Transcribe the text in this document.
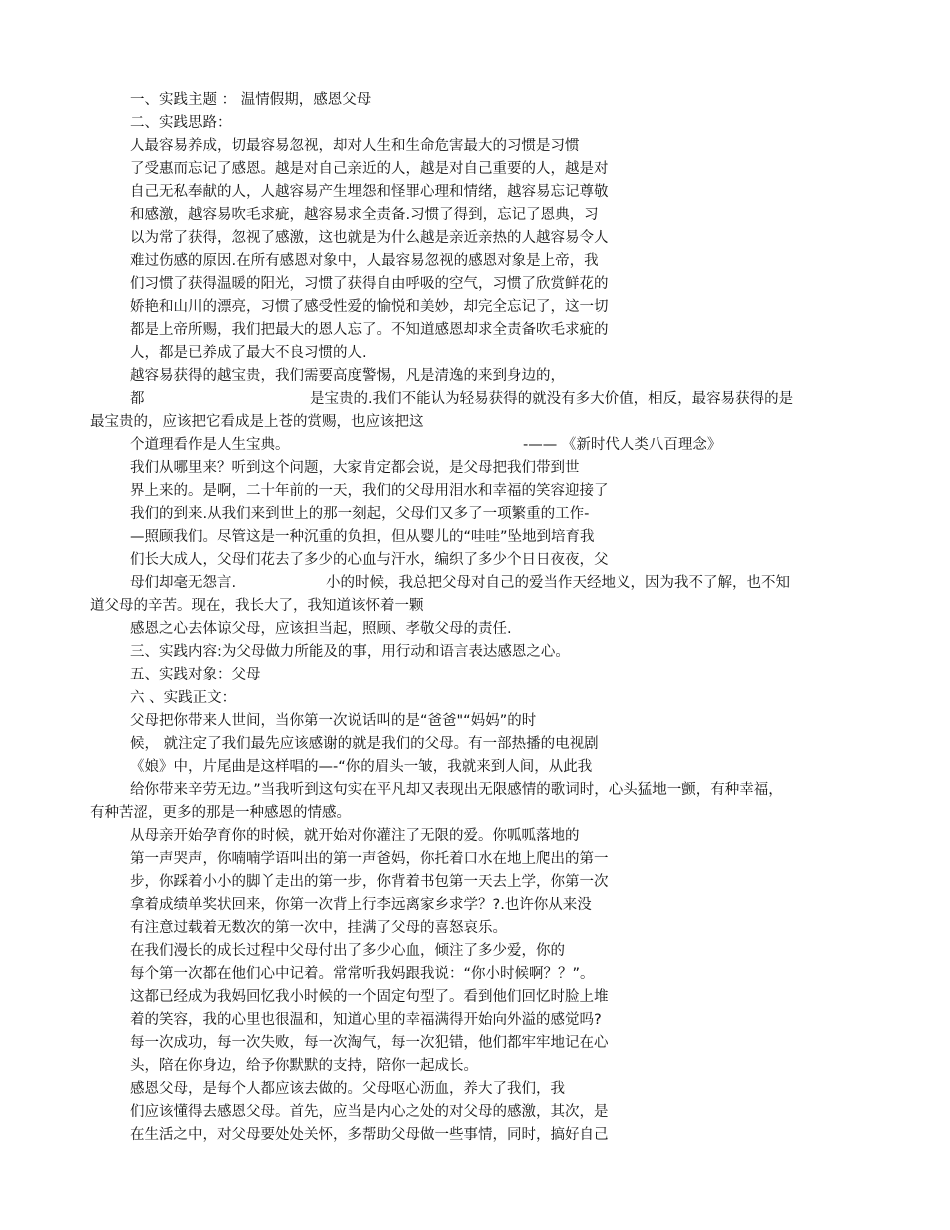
一、实践主题 ： 温情假期，感恩父母
二、实践思路：
人最容易养成，切最容易忽视，却对人生和生命危害最大的习惯是习惯
了受惠而忘记了感恩。越是对自己亲近的人，越是对自己重要的人，越是对
自己无私奉献的人，人越容易产生埋怨和怪罪心理和情绪，越容易忘记尊敬
和感激，越容易吹毛求疵，越容易求全责备.习惯了得到，忘记了恩典，习
以为常了获得，忽视了感激，这也就是为什么越是亲近亲热的人越容易令人
难过伤感的原因.在所有感恩对象中，人最容易忽视的感恩对象是上帝，我
们习惯了获得温暖的阳光，习惯了获得自由呼吸的空气，习惯了欣赏鲜花的
娇艳和山川的漂亮，习惯了感受性爱的愉悦和美妙，却完全忘记了，这一切
都是上帝所赐，我们把最大的恩人忘了。不知道感恩却求全责备吹毛求疵的
人，都是已养成了最大不良习惯的人.
越容易获得的越宝贵，我们需要高度警惕，凡是清逸的来到身边的，
都	是宝贵的.我们不能认为轻易获得的就没有多大价值，相反，最容易获得的是
最宝贵的，应该把它看成是上苍的赏赐，也应该把这
个道理看作是人生宝典。	-—— 《新时代人类八百理念》
我们从哪里来？听到这个问题，大家肯定都会说，是父母把我们带到世
界上来的。是啊，二十年前的一天，我们的父母用泪水和幸福的笑容迎接了
我们的到来.从我们来到世上的那一刻起，父母们又多了一项繁重的工作-
—照顾我们。尽管这是一种沉重的负担，但从婴儿的“哇哇”坠地到培育我
们长大成人，父母们花去了多少的心血与汗水，编织了多少个日日夜夜，父
母们却毫无怨言.	小的时候，我总把父母对自己的爱当作天经地义，因为我不了解，也不知
道父母的辛苦。现在，我长大了，我知道该怀着一颗
感恩之心去体谅父母，应该担当起，照顾、孝敬父母的责任.
三、实践内容:为父母做力所能及的事，用行动和语言表达感恩之心。
五、实践对象：父母
六 、实践正文：
父母把你带来人世间，当你第一次说话叫的是“爸爸"“妈妈”的时
候， 就注定了我们最先应该感谢的就是我们的父母。有一部热播的电视剧
《娘》中，片尾曲是这样唱的—-“你的眉头一皱，我就来到人间，从此我
给你带来辛劳无边。”当我听到这句实在平凡却又表现出无限感情的歌词时，心头猛地一颤，有种幸福，
有种苦涩，更多的那是一种感恩的情感。
从母亲开始孕育你的时候，就开始对你灌注了无限的爱。你呱呱落地的
第一声哭声，你喃喃学语叫出的第一声爸妈，你托着口水在地上爬出的第一
步，你踩着小小的脚丫走出的第一步，你背着书包第一天去上学，你第一次
拿着成绩单奖状回来，你第一次背上行李远离家乡求学？?.也许你从来没
有注意过载着无数次的第一次中，挂满了父母的喜怒哀乐。
在我们漫长的成长过程中父母付出了多少心血，倾注了多少爱，你的
每个第一次都在他们心中记着。常常听我妈跟我说：“你小时候啊？？”。
这都已经成为我妈回忆我小时候的一个固定句型了。看到他们回忆时脸上堆
着的笑容，我的心里也很温和，知道心里的幸福满得开始向外溢的感觉吗?
每一次成功，每一次失败，每一次淘气，每一次犯错，他们都牢牢地记在心
头，陪在你身边，给予你默默的支持，陪你一起成长。
感恩父母，是每个人都应该去做的。父母呕心沥血，养大了我们，我
们应该懂得去感恩父母。首先，应当是内心之处的对父母的感激，其次，是
在生活之中，对父母要处处关怀，多帮助父母做一些事情，同时，搞好自己
